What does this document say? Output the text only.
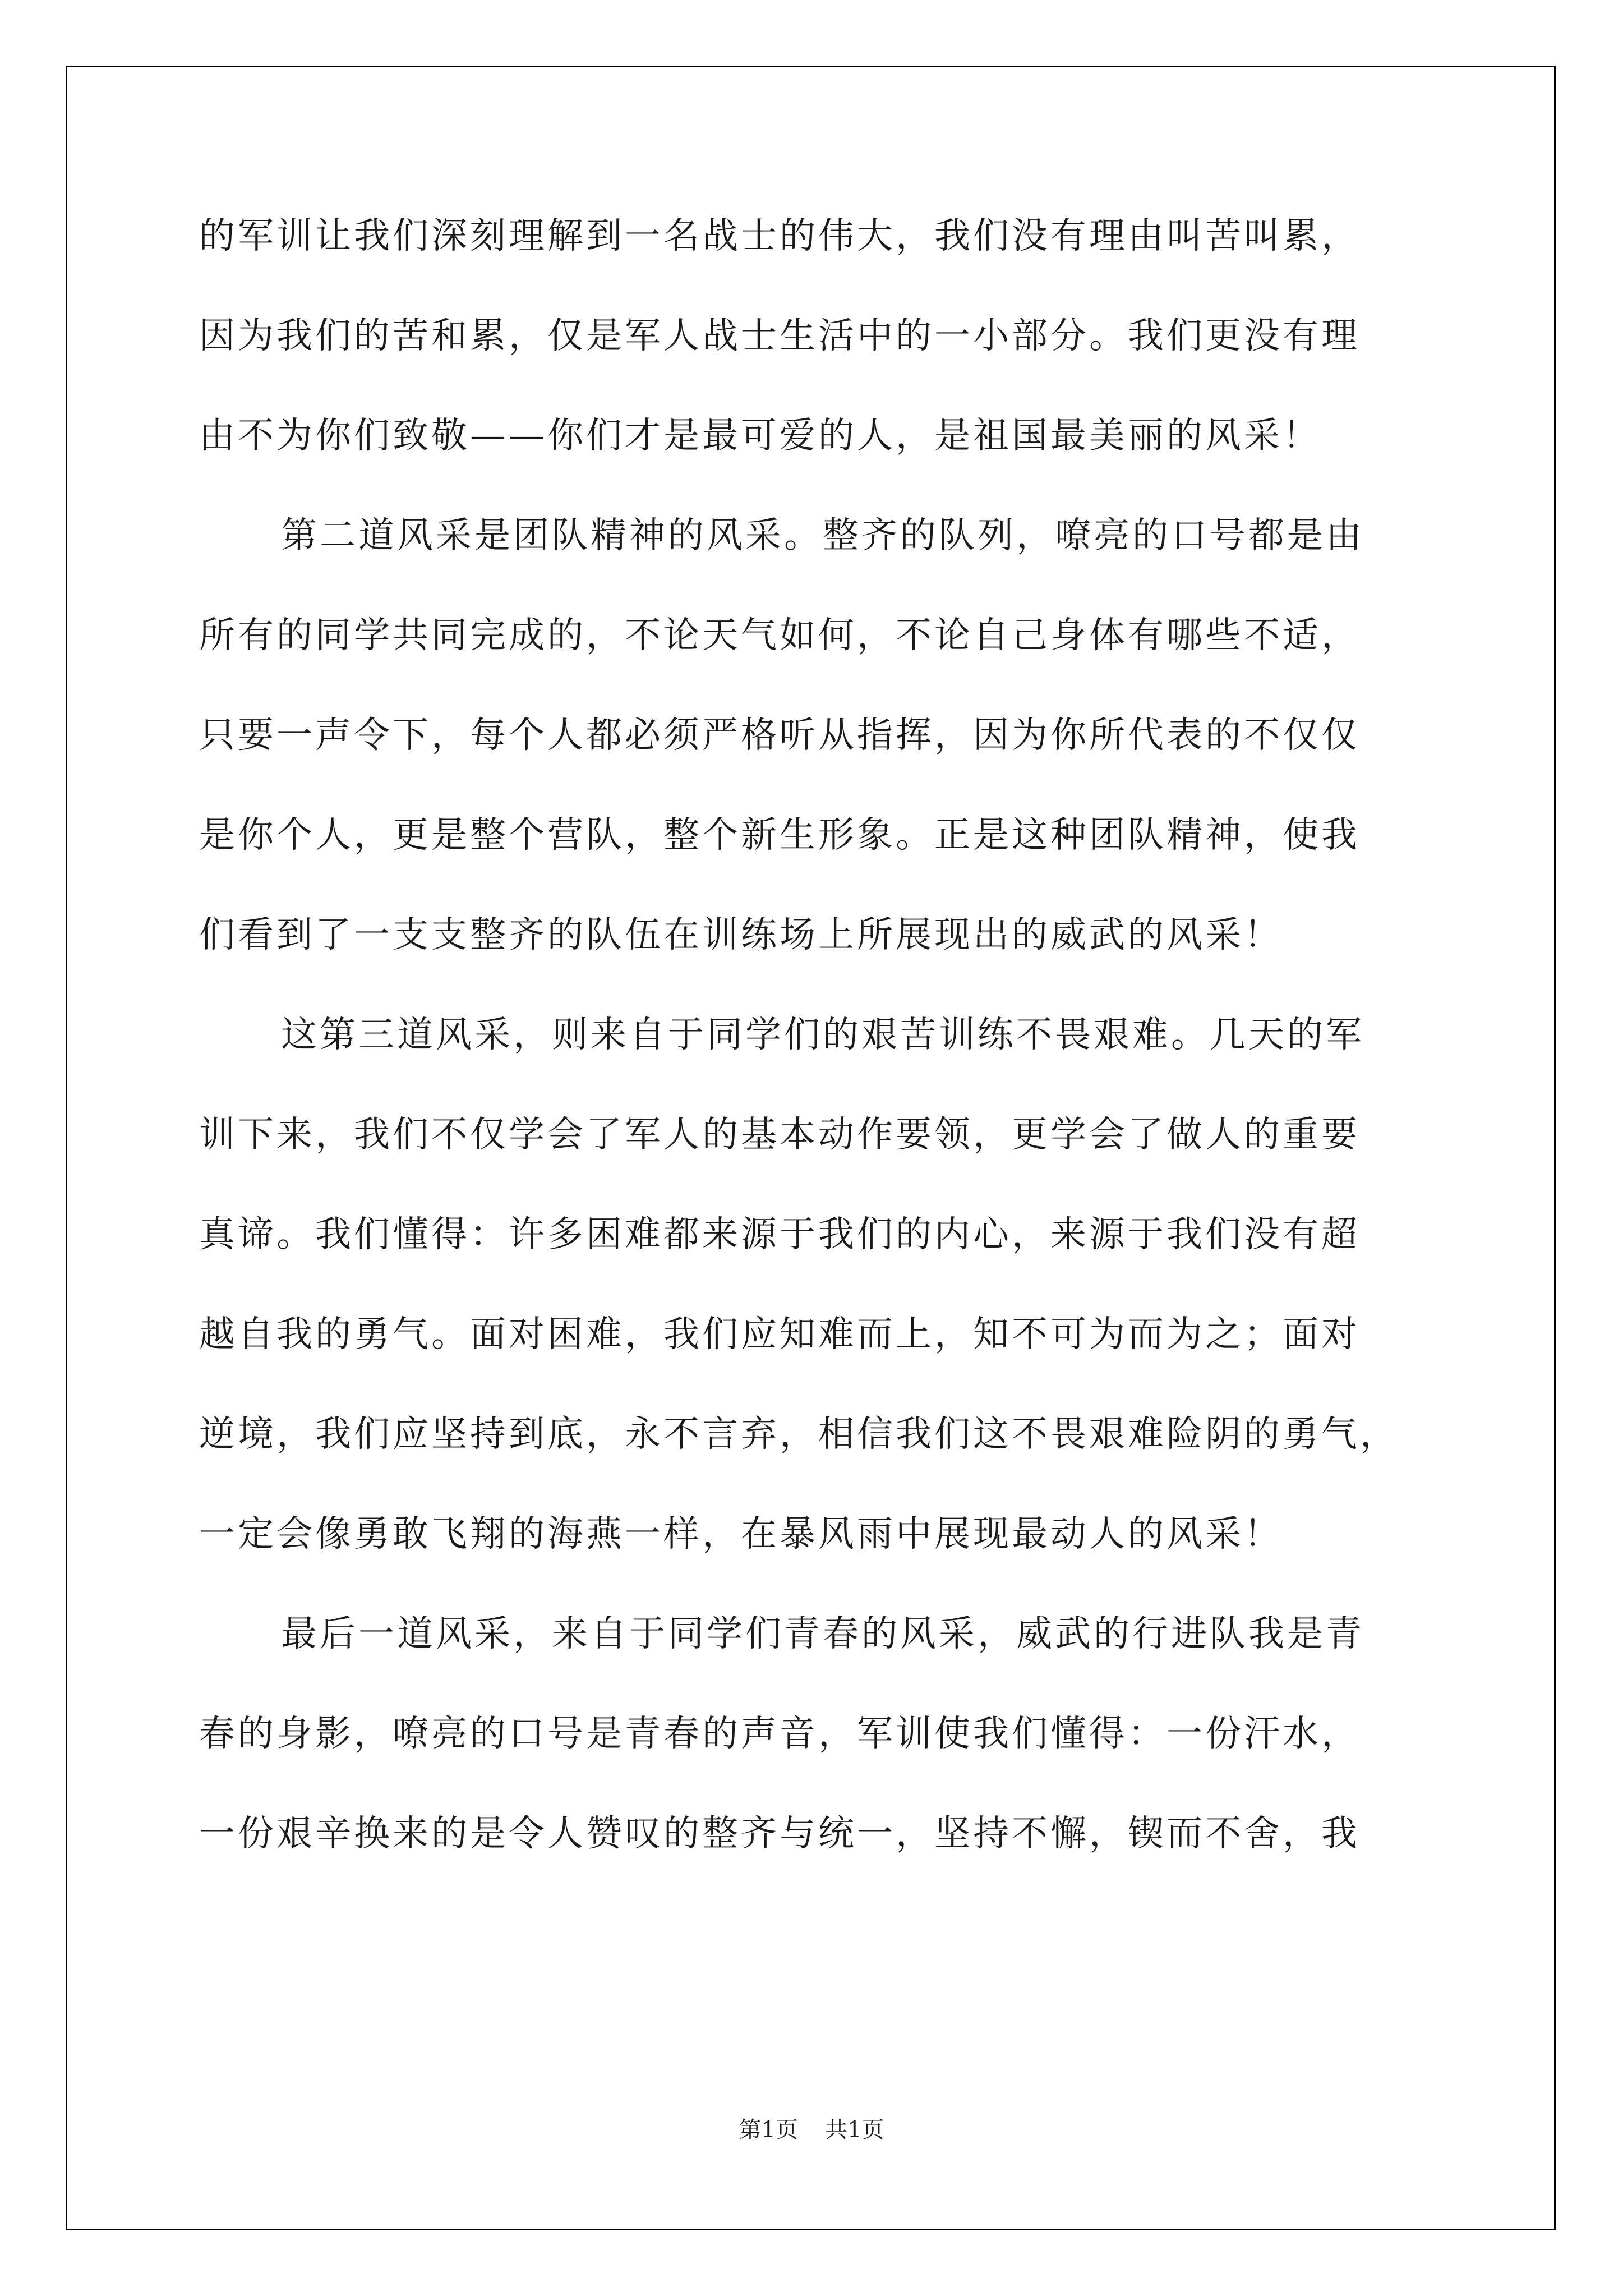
的军训让我们深刻理解到一名战士的伟大，我们没有理由叫苦叫累，
因为我们的苦和累，仅是军人战士生活中的一小部分。我们更没有理
由不为你们致敬——你们才是最可爱的人，是祖国最美丽的风采！
第二道风采是团队精神的风采。整齐的队列，嘹亮的口号都是由
所有的同学共同完成的，不论天气如何，不论自己身体有哪些不适，
只要一声令下，每个人都必须严格听从指挥，因为你所代表的不仅仅
是你个人，更是整个营队，整个新生形象。正是这种团队精神，使我
们看到了一支支整齐的队伍在训练场上所展现出的威武的风采！
这第三道风采，则来自于同学们的艰苦训练不畏艰难。几天的军
训下来，我们不仅学会了军人的基本动作要领，更学会了做人的重要
真谛。我们懂得：许多困难都来源于我们的内心，来源于我们没有超
越自我的勇气。面对困难，我们应知难而上，知不可为而为之；面对
逆境，我们应坚持到底，永不言弃，相信我们这不畏艰难险阴的勇气，
一定会像勇敢飞翔的海燕一样，在暴风雨中展现最动人的风采！
最后一道风采，来自于同学们青春的风采，威武的行进队我是青
春的身影，嘹亮的口号是青春的声音，军训使我们懂得：一份汗水，
一份艰辛换来的是令人赞叹的整齐与统一，坚持不懈，锲而不舍，我
第1页 共1页
